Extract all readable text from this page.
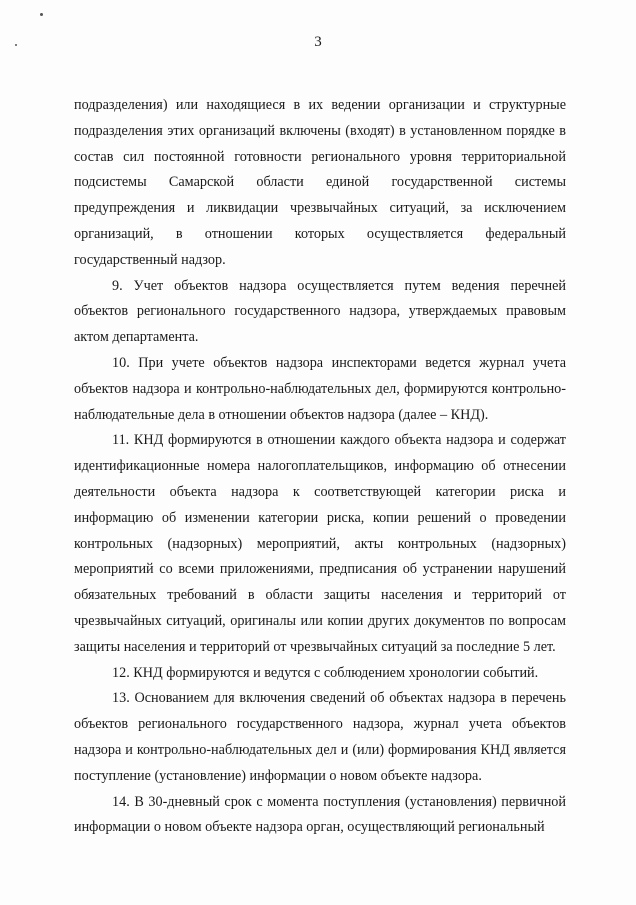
3

подразделения) или находящиеся в их ведении организации и структурные подразделения этих организаций включены (входят) в установленном порядке в состав сил постоянной готовности регионального уровня территориальной подсистемы Самарской области единой государственной системы предупреждения и ликвидации чрезвычайных ситуаций, за исключением организаций, в отношении которых осуществляется федеральный государственный надзор.

9. Учет объектов надзора осуществляется путем ведения перечней объектов регионального государственного надзора, утверждаемых правовым актом департамента.

10. При учете объектов надзора инспекторами ведется журнал учета объектов надзора и контрольно-наблюдательных дел, формируются контрольно-наблюдательные дела в отношении объектов надзора (далее – КНД).

11. КНД формируются в отношении каждого объекта надзора и содержат идентификационные номера налогоплательщиков, информацию об отнесении деятельности объекта надзора к соответствующей категории риска и информацию об изменении категории риска, копии решений о проведении контрольных (надзорных) мероприятий, акты контрольных (надзорных) мероприятий со всеми приложениями, предписания об устранении нарушений обязательных требований в области защиты населения и территорий от чрезвычайных ситуаций, оригиналы или копии других документов по вопросам защиты населения и территорий от чрезвычайных ситуаций за последние 5 лет.

12. КНД формируются и ведутся с соблюдением хронологии событий.

13. Основанием для включения сведений об объектах надзора в перечень объектов регионального государственного надзора, журнал учета объектов надзора и контрольно-наблюдательных дел и (или) формирования КНД является поступление (установление) информации о новом объекте надзора.

14. В 30-дневный срок с момента поступления (установления) первичной информации о новом объекте надзора орган, осуществляющий региональный
